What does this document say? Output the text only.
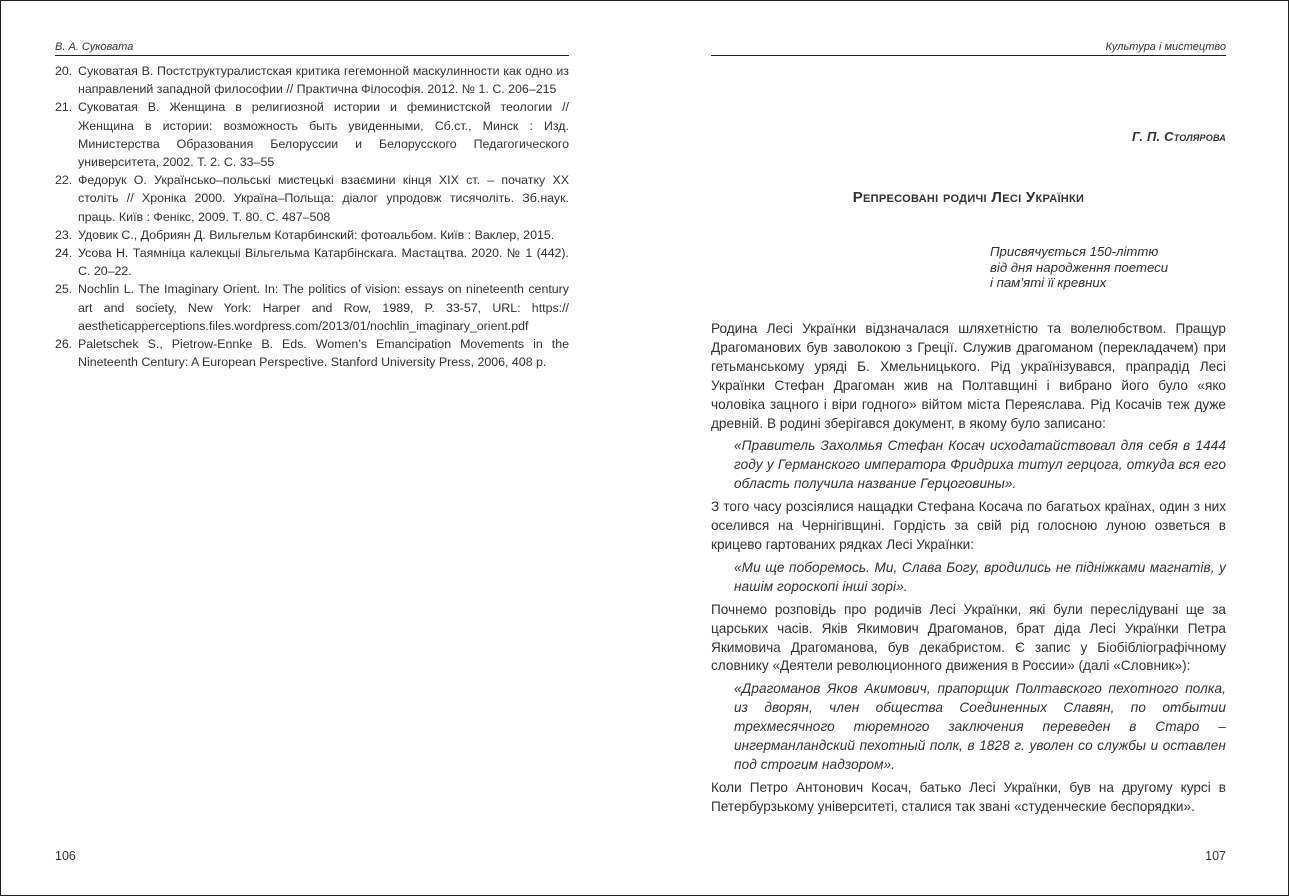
В. А. Суковата
20. Суковатая В. Постструктуралистская критика гегемонной маскулинности как одно из направлений западной философии // Практична Філософія. 2012. № 1. С. 206–215
21. Суковатая В. Женщина в религиозной истории и феминистской теологии // Женщина в истории: возможность быть увиденными, Сб.ст., Минск : Изд. Министерства Образования Белоруссии и Белорусского Педагогического университета, 2002. Т. 2. С. 33–55
22. Федорук О. Українсько–польські мистецькі взаємини кінця XIX ст. – початку XX століть // Хроніка 2000. Україна–Польща: діалог упродовж тисячоліть. Зб.наук. праць. Київ : Фенікс, 2009. Т. 80. С. 487–508
23. Удовик С., Добриян Д. Вильгельм Котарбинский: фотоальбом. Київ : Ваклер, 2015.
24. Усова Н. Таямніца калекцыі Вільгельма Катарбінскага. Мастацтва. 2020. № 1 (442). С. 20–22.
25. Nochlin L. The Imaginary Orient. In: The politics of vision: essays on nineteenth century art and society, New York: Harper and Row, 1989, P. 33-57, URL: https:// aestheticapperceptions.files.wordpress.com/2013/01/nochlin_imaginary_orient.pdf
26. Paletschek S., Pietrow-Ennke B. Eds. Women’s Emancipation Movements in the Nineteenth Century: A European Perspective. Stanford University Press, 2006, 408 p.
106
Культура і мистецтво
Г. П. Столярова
Репресовані родичі Лесі Українки
Присвячується 150-літтю
від дня народження поетеси
і пам’яті її кревних

Родина Лесі Українки відзначалася шляхетністю та волелюбством. Пращур Драгоманових був заволокою з Греції. Служив драгоманом (перекладачем) при гетьманському уряді Б. Хмельницького. Рід українізувався, прапрадід Лесі Українки Стефан Драгоман жив на Полтавщині і вибрано його було «яко чоловіка зацного і віри годного» війтом міста Переяслава. Рід Косачів теж дуже древній. В родині зберігався документ, в якому було записано:

«Правитель Захолмья Стефан Косач исходатайствовал для себя в 1444 году у Германского императора Фридриха титул герцога, откуда вся его область получила название Герцоговины».

З того часу розсіялися нащадки Стефана Косача по багатьох країнах, один з них оселився на Чернігівщині. Гордість за свій рід голосною луною озветься в крицево гартованих рядках Лесі Українки:

«Ми ще поборемось. Ми, Слава Богу, вродились не підніжками магнатів, у нашім гороскопі інші зорі».

Почнемо розповідь про родичів Лесі Українки, які були переслідувані ще за царських часів. Яків Якимович Драгоманов, брат діда Лесі Українки Петра Якимовича Драгоманова, був декабристом. Є запис у Біобібліографічному словнику «Деятели революционного движения в России» (далі «Словник»):

«Драгоманов Яков Акимович, прапорщик Полтавского пехотного полка, из дворян, член общества Соединенных Славян, по отбытии трехмесячного тюремного заключения переведен в Старо – ингерманландский пехотный полк, в 1828 г. уволен со службы и оставлен под строгим надзором».

Коли Петро Антонович Косач, батько Лесі Українки, був на другому курсі в Петербурзькому університеті, сталися так звані «студенческие беспорядки».

107
